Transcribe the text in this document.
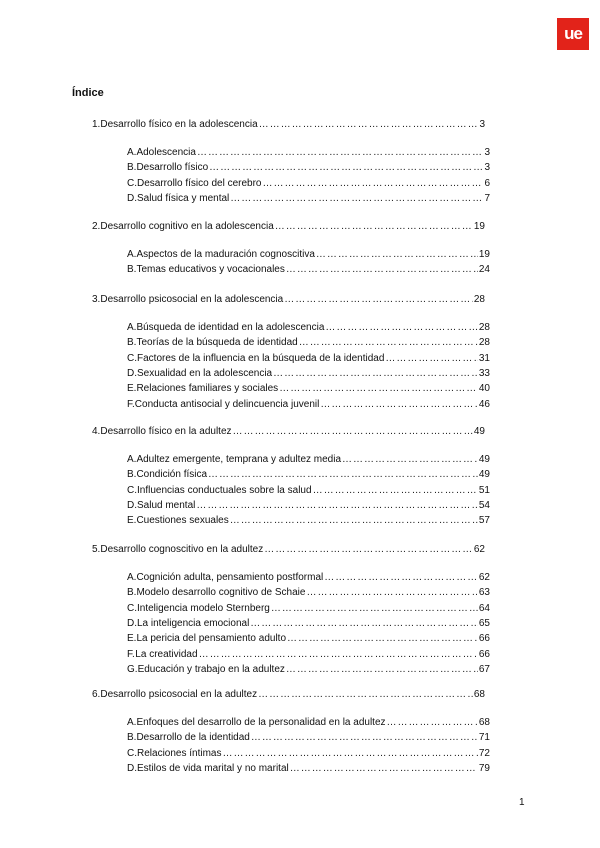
ue
Índice
1. Desarrollo físico en la adolescencia …………………………………………………………………………………………………………………………………………	3
A. Adolescencia …………………………………………………………………………………………………………………………………………	3
B. Desarrollo físico …………………………………………………………………………………………………………………………………………	3
C. Desarrollo físico del cerebro …………………………………………………………………………………………………………………………………………	6
D. Salud física y mental …………………………………………………………………………………………………………………………………………	7
2. Desarrollo cognitivo en la adolescencia …………………………………………………………………………………………………………………………………………	19
A. Aspectos de la maduración cognoscitiva …………………………………………………………………………………………………………………………………………	19
B. Temas educativos y vocacionales …………………………………………………………………………………………………………………………………………	24
3. Desarrollo psicosocial en la adolescencia …………………………………………………………………………………………………………………………………………	28
A. Búsqueda de identidad en la adolescencia …………………………………………………………………………………………………………………………………………	28
B. Teorías de la búsqueda de identidad …………………………………………………………………………………………………………………………………………	28
C. Factores de la influencia en la búsqueda de la identidad …………………………………………………………………………………………………………………………………………	31
D. Sexualidad en la adolescencia …………………………………………………………………………………………………………………………………………	33
E. Relaciones familiares y sociales …………………………………………………………………………………………………………………………………………	40
F. Conducta antisocial y delincuencia juvenil …………………………………………………………………………………………………………………………………………	46
4. Desarrollo físico en la adultez …………………………………………………………………………………………………………………………………………	49
A. Adultez emergente, temprana y adultez media …………………………………………………………………………………………………………………………………………	49
B. Condición física …………………………………………………………………………………………………………………………………………	49
C. Influencias conductuales sobre la salud …………………………………………………………………………………………………………………………………………	51
D. Salud mental …………………………………………………………………………………………………………………………………………	54
E. Cuestiones sexuales …………………………………………………………………………………………………………………………………………	57
5. Desarrollo cognoscitivo en la adultez …………………………………………………………………………………………………………………………………………	62
A. Cognición adulta, pensamiento postformal …………………………………………………………………………………………………………………………………………	62
B. Modelo desarrollo cognitivo de Schaie …………………………………………………………………………………………………………………………………………	63
C. Inteligencia modelo Sternberg …………………………………………………………………………………………………………………………………………	64
D. La inteligencia emocional …………………………………………………………………………………………………………………………………………	65
E. La pericia del pensamiento adulto …………………………………………………………………………………………………………………………………………	66
F. La creatividad …………………………………………………………………………………………………………………………………………	66
G. Educación y trabajo en la adultez …………………………………………………………………………………………………………………………………………	67
6. Desarrollo psicosocial en la adultez …………………………………………………………………………………………………………………………………………	68
A. Enfoques del desarrollo de la personalidad en la adultez …………………………………………………………………………………………………………………………………………	68
B. Desarrollo de la identidad …………………………………………………………………………………………………………………………………………	71
C. Relaciones íntimas …………………………………………………………………………………………………………………………………………	72
D. Estilos de vida marital y no marital …………………………………………………………………………………………………………………………………………	79
1
